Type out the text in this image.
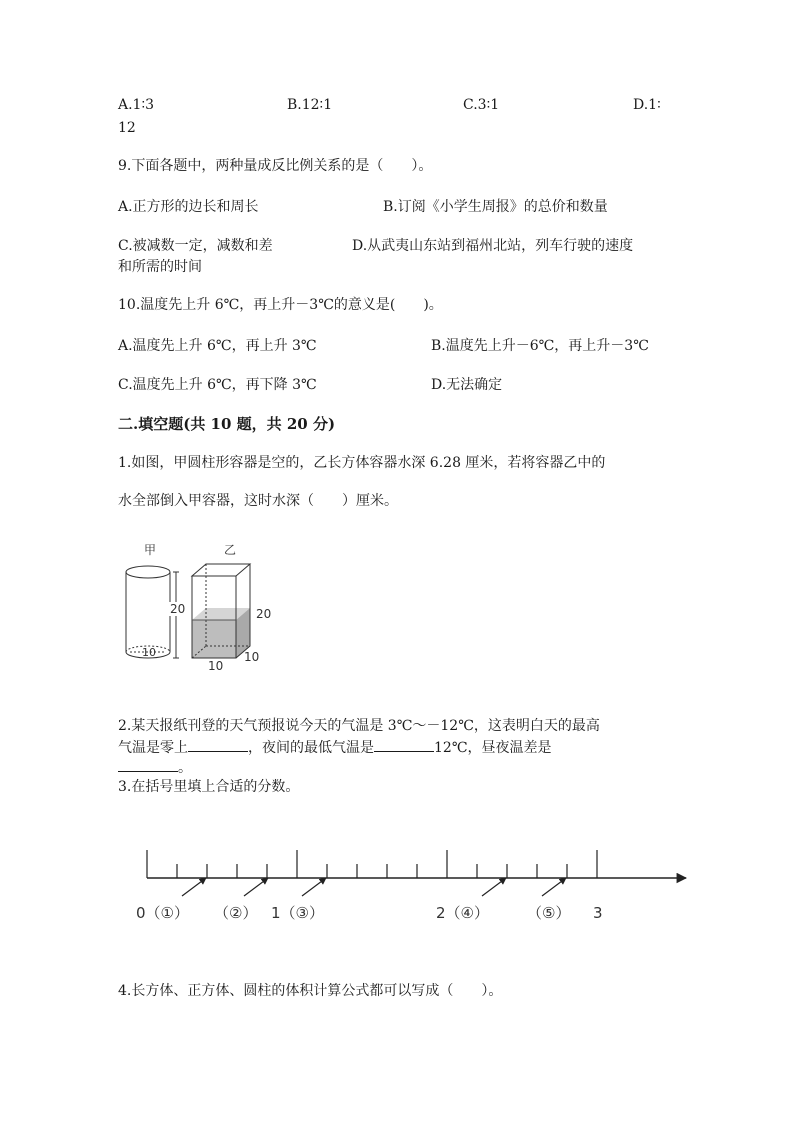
A.1∶3	B.12∶1	C.3∶1	D.1∶
12
9.下面各题中，两种量成反比例关系的是（　　）。
A.正方形的边长和周长	B.订阅《小学生周报》的总价和数量
C.被减数一定，减数和差	D.从武夷山东站到福州北站，列车行驶的速度
和所需的时间
10.温度先上升 6℃，再上升－3℃的意义是(　　)。
A.温度先上升 6℃，再上升 3℃	B.温度先上升－6℃，再上升－3℃
C.温度先上升 6℃，再下降 3℃	D.无法确定
二.填空题(共 10 题，共 20 分)
1.如图，甲圆柱形容器是空的，乙长方体容器水深 6.28 厘米，若将容器乙中的
水全部倒入甲容器，这时水深（　　）厘米。
甲
10
20
乙
20
10
10
2.某天报纸刊登的天气预报说今天的气温是 3℃～－12℃，这表明白天的最高
气温是零上	，夜间的最低气温是	12℃，昼夜温差是
。
3.在括号里填上合适的分数。
0（①） （②） 1（③）	2（④）	（⑤） 3
4.长方体、正方体、圆柱的体积计算公式都可以写成（　　）。
